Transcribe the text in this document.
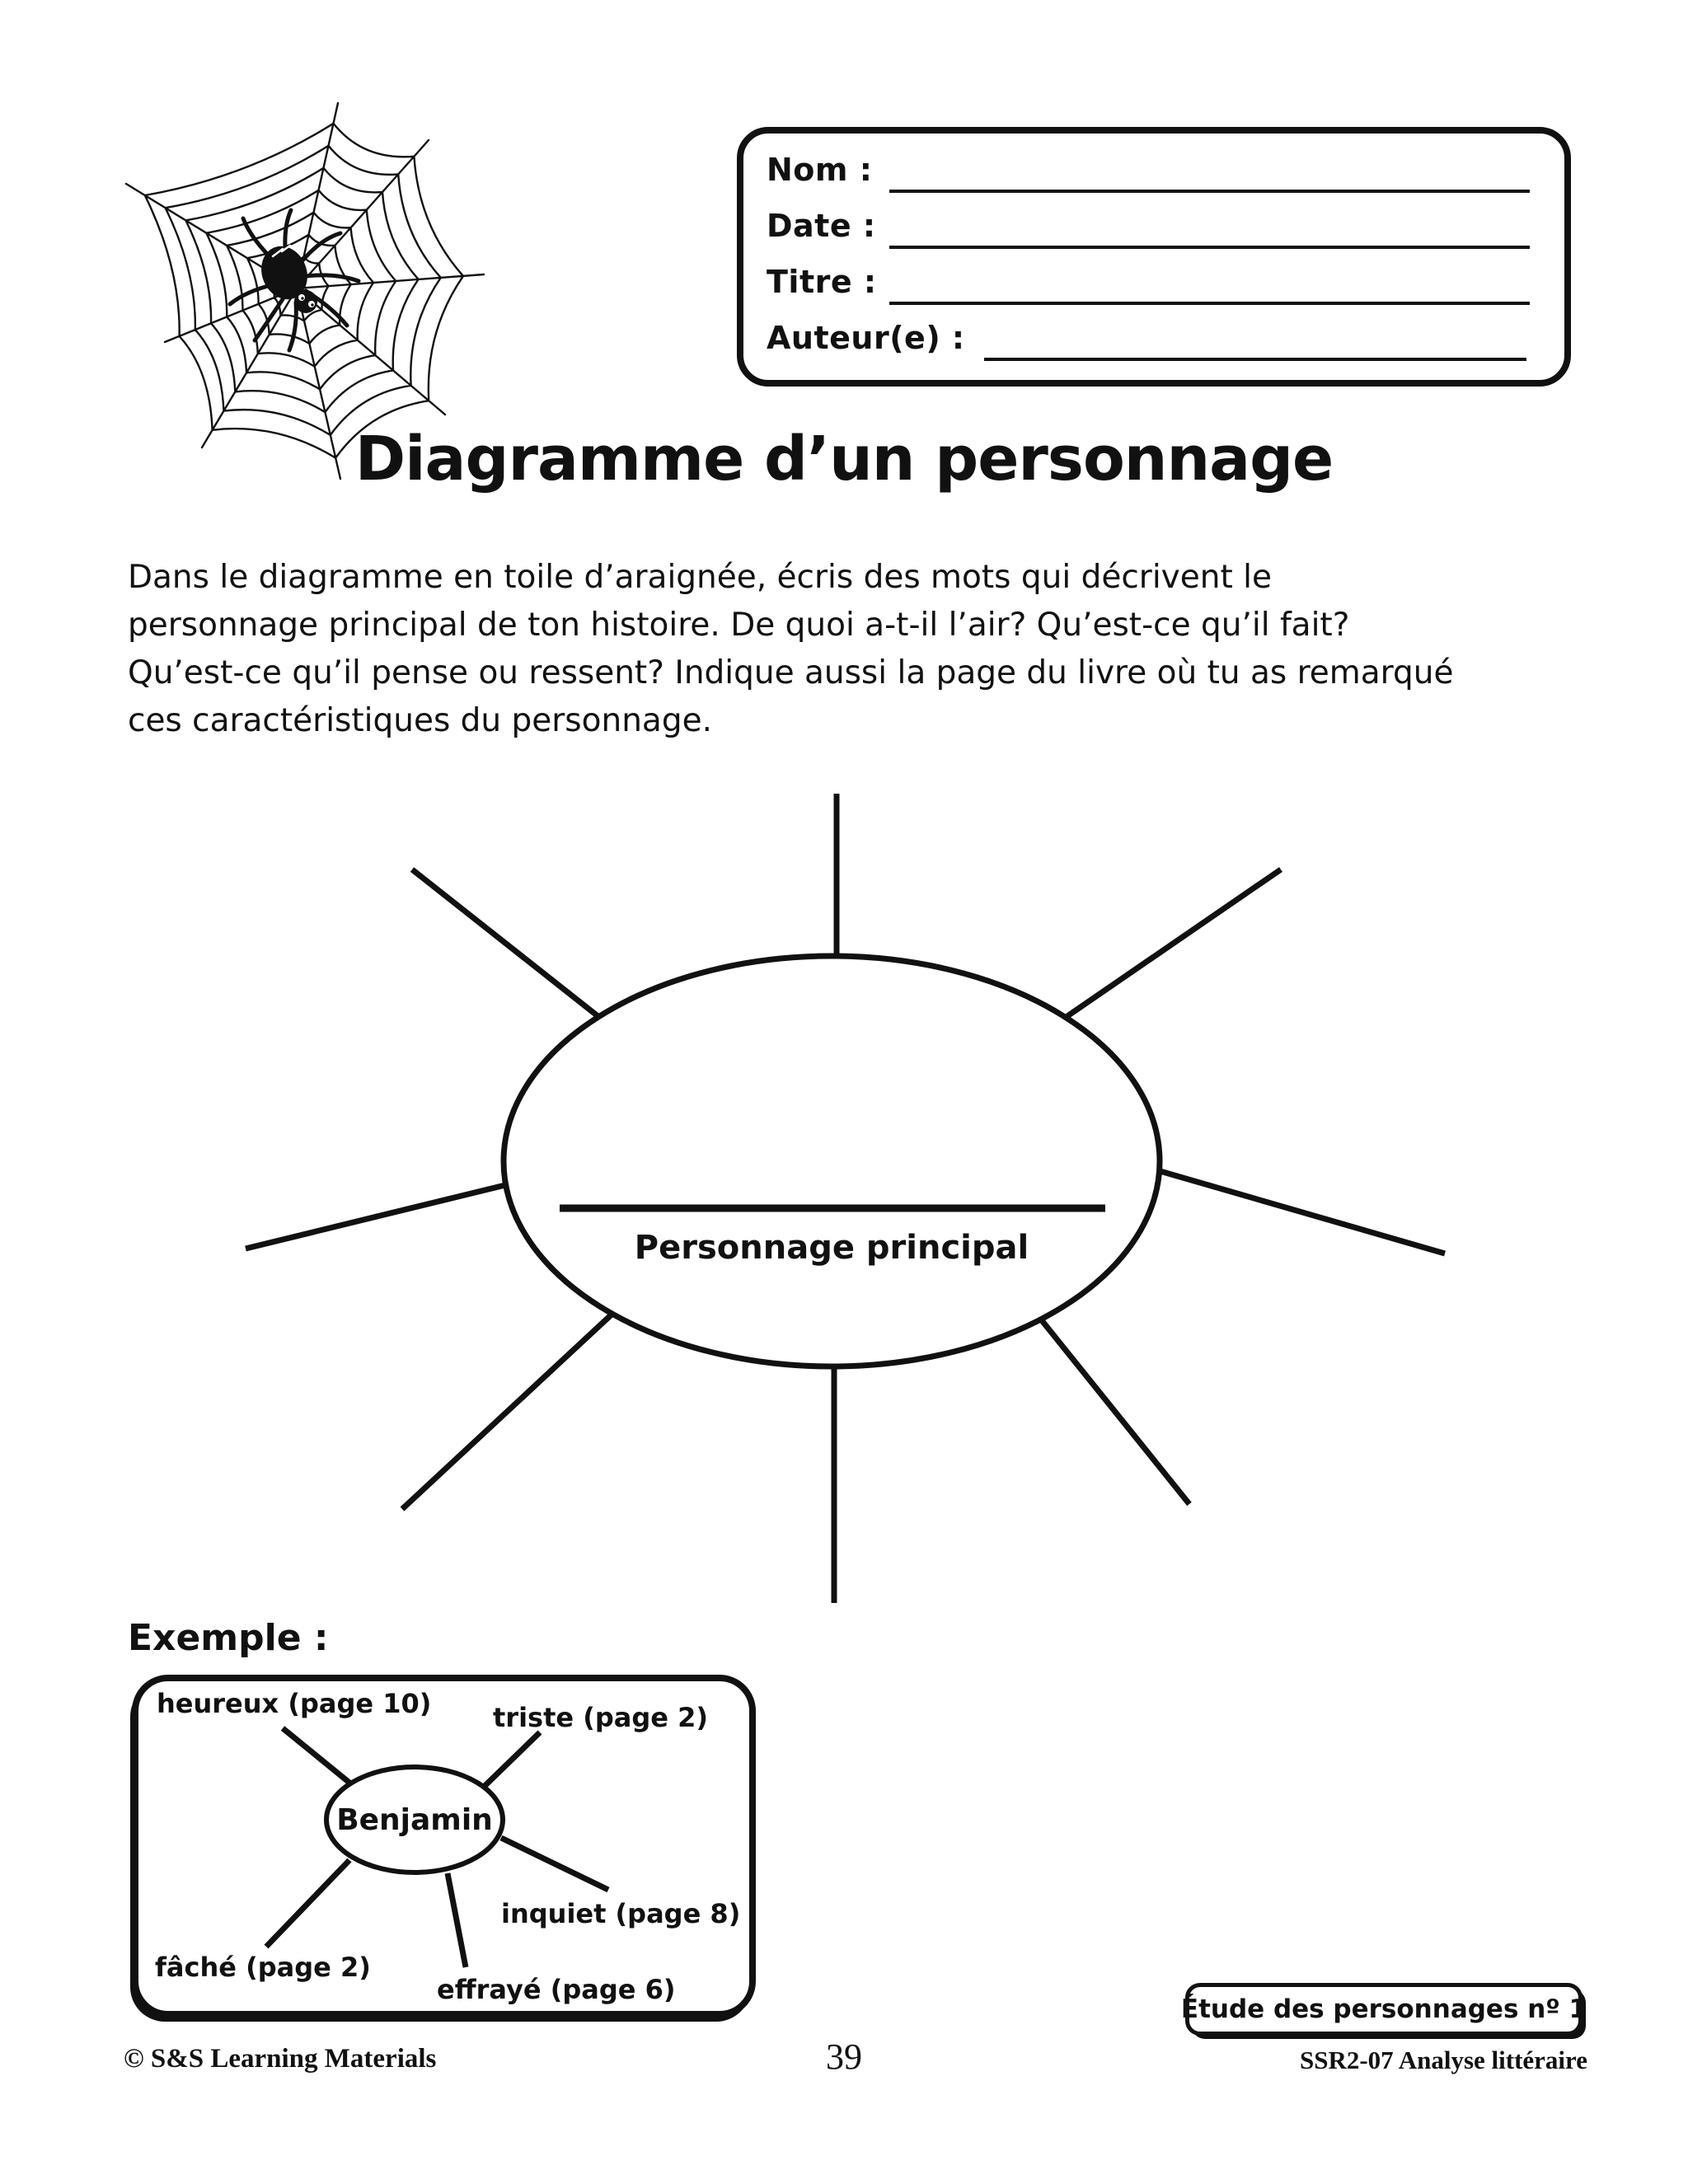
Nom :
Date :
Titre :
Auteur(e) :
Diagramme d’un personnage
Dans le diagramme en toile d’araignée, écris des mots qui décrivent le
personnage principal de ton histoire. De quoi a-t-il l’air? Qu’est-ce qu’il fait?
Qu’est-ce qu’il pense ou ressent? Indique aussi la page du livre où tu as remarqué
ces caractéristiques du personnage.
Personnage principal
Exemple :
Benjamin
heureux (page 10) triste (page 2)
inquiet (page 8)
fâché (page 2)
effrayé (page 6)
Étude des personnages nº 1
© S&S Learning Materials	39	SSR2-07 Analyse littéraire
